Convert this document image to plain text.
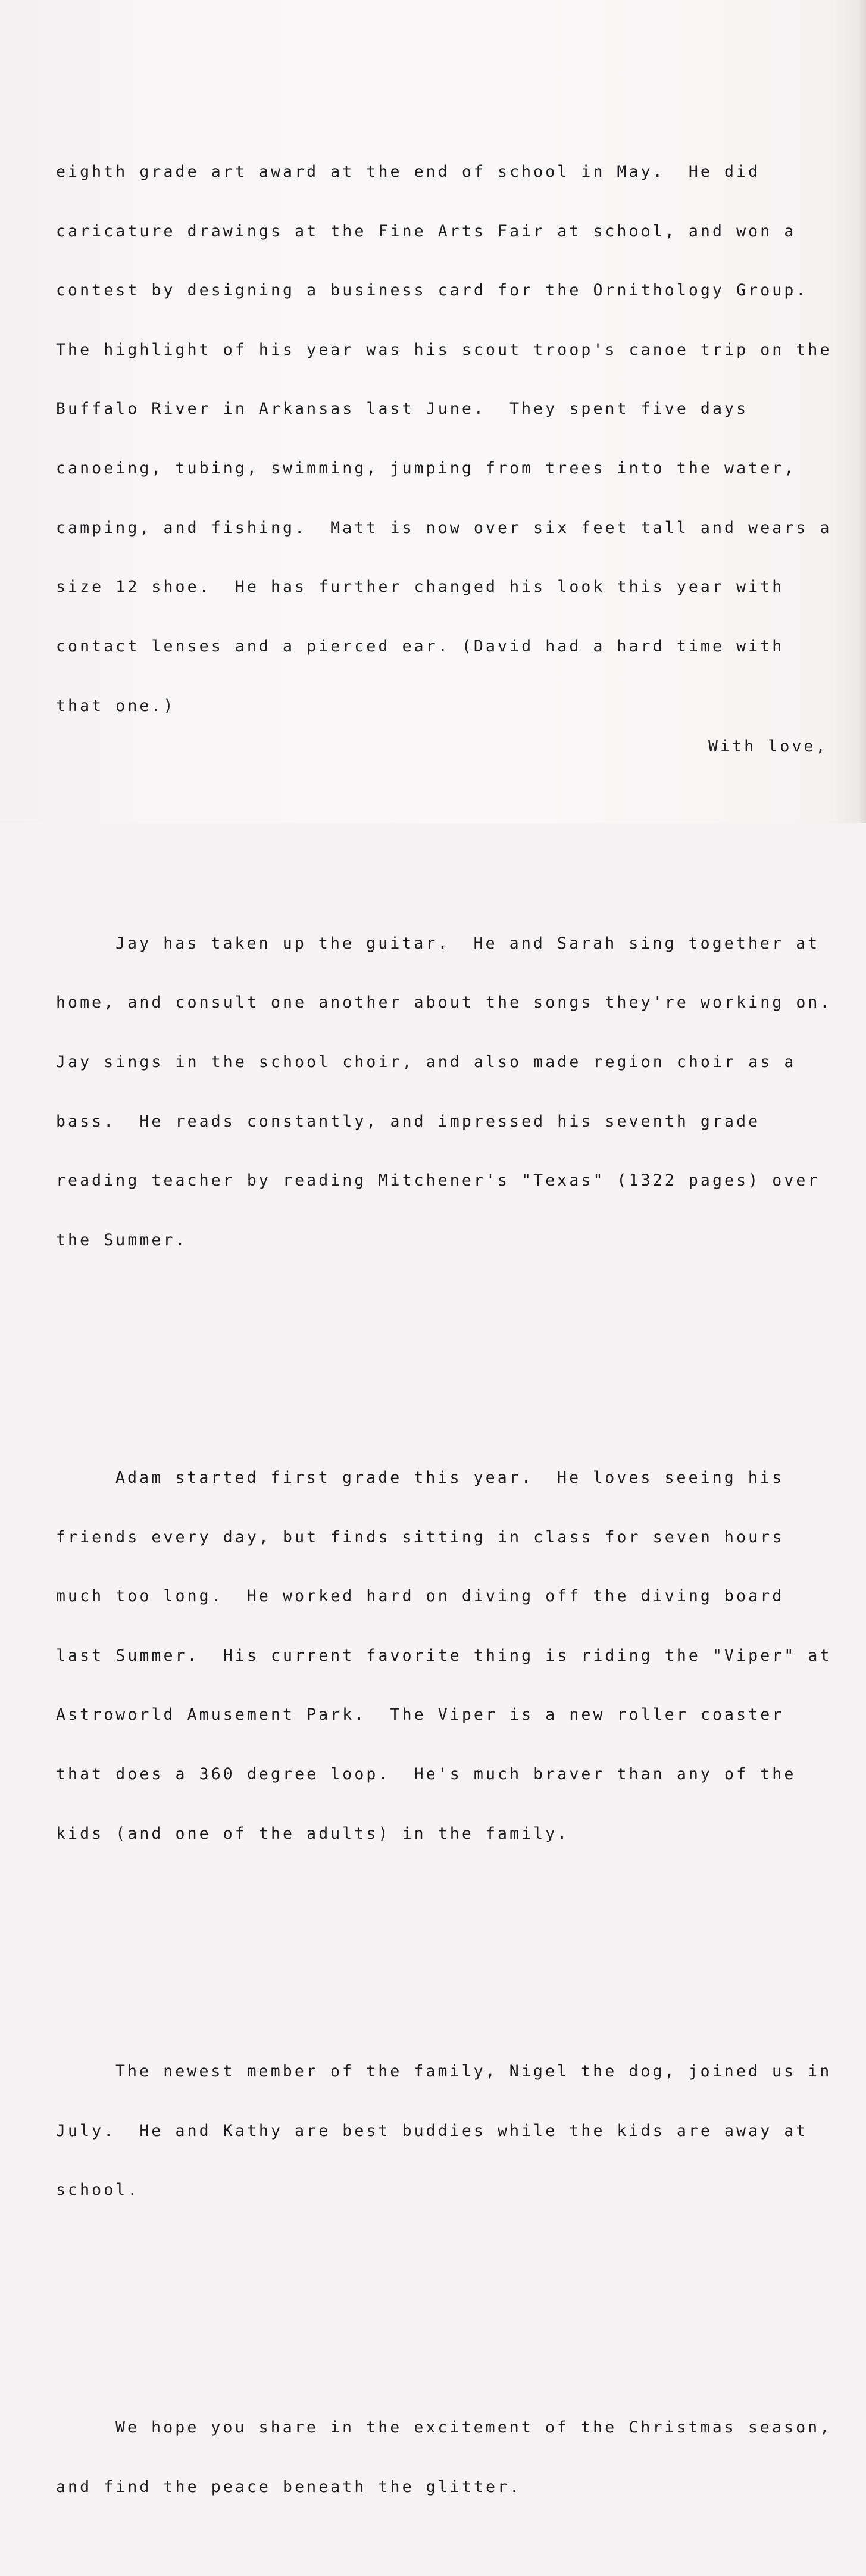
eighth grade art award at the end of school in May.  He did

caricature drawings at the Fine Arts Fair at school, and won a

contest by designing a business card for the Ornithology Group.

The highlight of his year was his scout troop's canoe trip on the

Buffalo River in Arkansas last June.  They spent five days

canoeing, tubing, swimming, jumping from trees into the water,

camping, and fishing.  Matt is now over six feet tall and wears a

size 12 shoe.  He has further changed his look this year with

contact lenses and a pierced ear. (David had a hard time with

that one.)

Jay has taken up the guitar.  He and Sarah sing together at

home, and consult one another about the songs they're working on.

Jay sings in the school choir, and also made region choir as a

bass.  He reads constantly, and impressed his seventh grade

reading teacher by reading Mitchener's "Texas" (1322 pages) over

the Summer.

Adam started first grade this year.  He loves seeing his

friends every day, but finds sitting in class for seven hours

much too long.  He worked hard on diving off the diving board

last Summer.  His current favorite thing is riding the "Viper" at

Astroworld Amusement Park.  The Viper is a new roller coaster

that does a 360 degree loop.  He's much braver than any of the

kids (and one of the adults) in the family.

The newest member of the family, Nigel the dog, joined us in

July.  He and Kathy are best buddies while the kids are away at

school.

We hope you share in the excitement of the Christmas season,

and find the peace beneath the glitter.

With love,
